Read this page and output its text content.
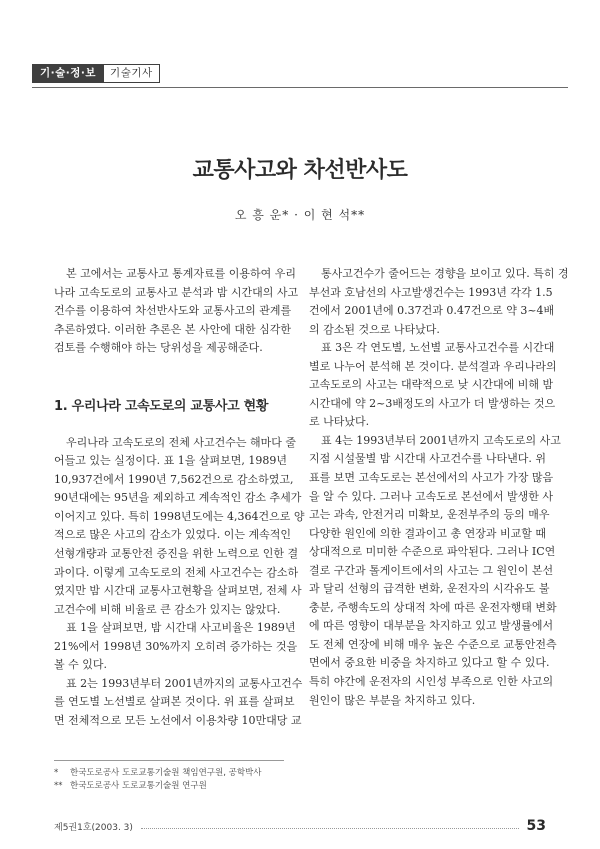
기·술·정·보	기술기사
교통사고와 차선반사도
오 흥 운* · 이 현 석**

본 고에서는 교통사고 통계자료를 이용하여 우리
나라 고속도로의 교통사고 분석과 밤 시간대의 사고
건수를 이용하여 차선반사도와 교통사고의 관계를
추론하였다. 이러한 추론은 본 사안에 대한 심각한
검토를 수행해야 하는 당위성을 제공해준다.

1. 우리나라 고속도로의 교통사고 현황
우리나라 고속도로의 전체 사고건수는 해마다 줄
어들고 있는 실정이다. 표 1을 살펴보면, 1989년
10,937건에서 1990년 7,562건으로 감소하였고,
90년대에는 95년을 제외하고 계속적인 감소 추세가
이어지고 있다. 특히 1998년도에는 4,364건으로 양
적으로 많은 사고의 감소가 있었다. 이는 계속적인
선형개량과 교통안전 증진을 위한 노력으로 인한 결
과이다. 이렇게 고속도로의 전체 사고건수는 감소하
였지만 밤 시간대 교통사고현황을 살펴보면, 전체 사
고건수에 비해 비율로 큰 감소가 있지는 않았다.
표 1을 살펴보면, 밤 시간대 사고비율은 1989년
21%에서 1998년 30%까지 오히려 증가하는 것을
볼 수 있다.
표 2는 1993년부터 2001년까지의 교통사고건수
를 연도별 노선별로 살펴본 것이다. 위 표를 살펴보
면 전체적으로 모든 노선에서 이용차량 10만대당 교
통사고건수가 줄어드는 경향을 보이고 있다. 특히 경
부선과 호남선의 사고발생건수는 1993년 각각 1.5
건에서 2001년에 0.37건과 0.47건으로 약 3~4배
의 감소된 것으로 나타났다.
표 3은 각 연도별, 노선별 교통사고건수를 시간대
별로 나누어 분석해 본 것이다. 분석결과 우리나라의
고속도로의 사고는 대략적으로 낮 시간대에 비해 밤
시간대에 약 2~3배정도의 사고가 더 발생하는 것으
로 나타났다.
표 4는 1993년부터 2001년까지 고속도로의 사고
지점 시설물별 밤 시간대 사고건수를 나타낸다. 위
표를 보면 고속도로는 본선에서의 사고가 가장 많음
을 알 수 있다. 그러나 고속도로 본선에서 발생한 사
고는 과속, 안전거리 미확보, 운전부주의 등의 매우
다양한 원인에 의한 결과이고 총 연장과 비교할 때
상대적으로 미미한 수준으로 파악된다. 그러나 IC연
결로 구간과 톨게이트에서의 사고는 그 원인이 본선
과 달리 선형의 급격한 변화, 운전자의 시각유도 불
충분, 주행속도의 상대적 차에 따른 운전자행태 변화
에 따른 영향이 대부분을 차지하고 있고 발생률에서
도 전체 연장에 비해 매우 높은 수준으로 교통안전측
면에서 중요한 비중을 차지하고 있다고 할 수 있다.
특히 야간에 운전자의 시인성 부족으로 인한 사고의
원인이 많은 부분을 차지하고 있다.
*	한국도로공사 도로교통기술원 책임연구원, 공학박사
** 한국도로공사 도로교통기술원 연구원
제5권1호(2003. 3)	53
